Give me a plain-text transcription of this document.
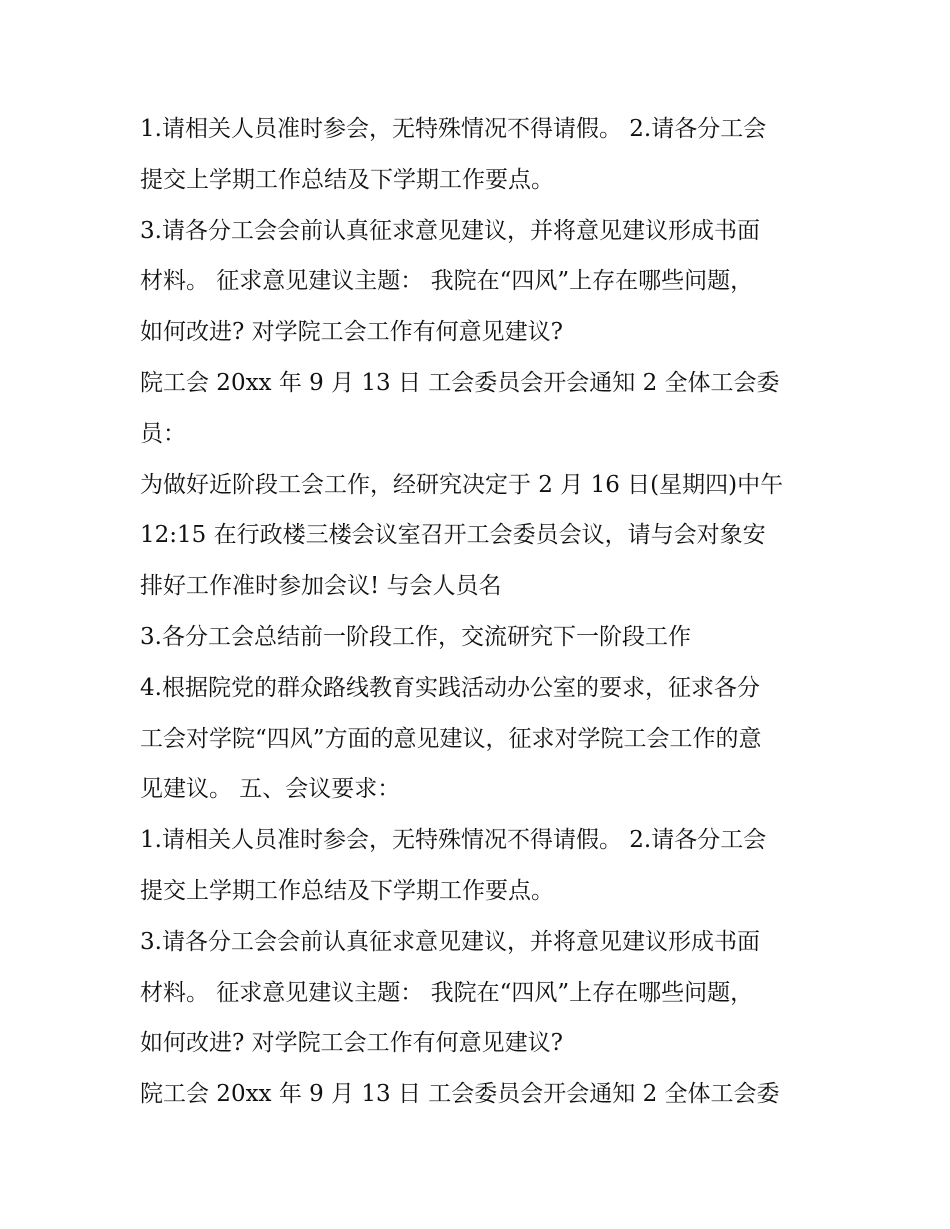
1.请相关人员准时参会，无特殊情况不得请假。 2.请各分工会
提交上学期工作总结及下学期工作要点。
3.请各分工会会前认真征求意见建议，并将意见建议形成书面
材料。 征求意见建议主题： 我院在“四风”上存在哪些问题，
如何改进? 对学院工会工作有何意见建议?
院工会 20xx 年 9 月 13 日 工会委员会开会通知 2 全体工会委
员：
为做好近阶段工会工作，经研究决定于 2 月 16 日(星期四)中午
12:15 在行政楼三楼会议室召开工会委员会议，请与会对象安
排好工作准时参加会议! 与会人员名
3.各分工会总结前一阶段工作，交流研究下一阶段工作
4.根据院党的群众路线教育实践活动办公室的要求，征求各分
工会对学院“四风”方面的意见建议，征求对学院工会工作的意
见建议。 五、会议要求：
1.请相关人员准时参会，无特殊情况不得请假。 2.请各分工会
提交上学期工作总结及下学期工作要点。
3.请各分工会会前认真征求意见建议，并将意见建议形成书面
材料。 征求意见建议主题： 我院在“四风”上存在哪些问题，
如何改进? 对学院工会工作有何意见建议?
院工会 20xx 年 9 月 13 日 工会委员会开会通知 2 全体工会委
